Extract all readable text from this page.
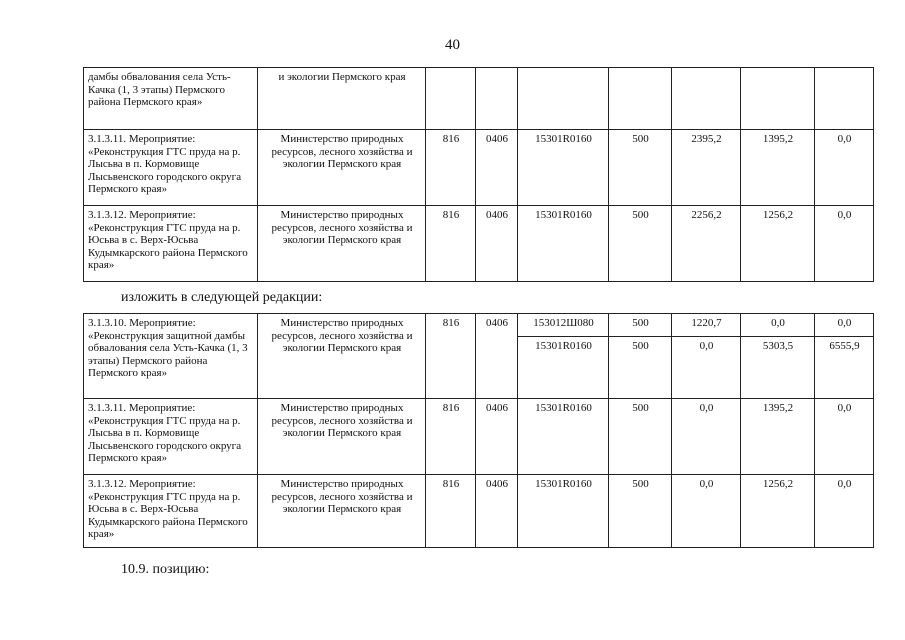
40
дамбы обвалования села Усть-Качка (1, 3 этапы) Пермского района Пермского края»	и экологии Пермского края							
3.1.3.11. Мероприятие: «Реконструкция ГТС пруда на р. Лысьва в п. Кормовище Лысьвенского городского округа Пермского края»	Министерство природных ресурсов, лесного хозяйства и экологии Пермского края	816	0406	15301R0160	500	2395,2	1395,2	0,0
3.1.3.12. Мероприятие: «Реконструкция ГТС пруда на р. Юсьва в с. Верх-Юсьва Кудымкарского района Пермского края»	Министерство природных ресурсов, лесного хозяйства и экологии Пермского края	816	0406	15301R0160	500	2256,2	1256,2	0,0
изложить в следующей редакции:
3.1.3.10. Мероприятие: «Реконструкция защитной дамбы обвалования села Усть-Качка (1, 3 этапы) Пермского района Пермского края»	Министерство природных ресурсов, лесного хозяйства и экологии Пермского края	816	0406	153012Ш080	500	1220,7	0,0	0,0
				15301R0160	500	0,0	5303,5	6555,9
3.1.3.11. Мероприятие: «Реконструкция ГТС пруда на р. Лысьва в п. Кормовище Лысьвенского городского округа Пермского края»	Министерство природных ресурсов, лесного хозяйства и экологии Пермского края	816	0406	15301R0160	500	0,0	1395,2	0,0
3.1.3.12. Мероприятие: «Реконструкция ГТС пруда на р. Юсьва в с. Верх-Юсьва Кудымкарского района Пермского края»	Министерство природных ресурсов, лесного хозяйства и экологии Пермского края	816	0406	15301R0160	500	0,0	1256,2	0,0
10.9. позицию:
